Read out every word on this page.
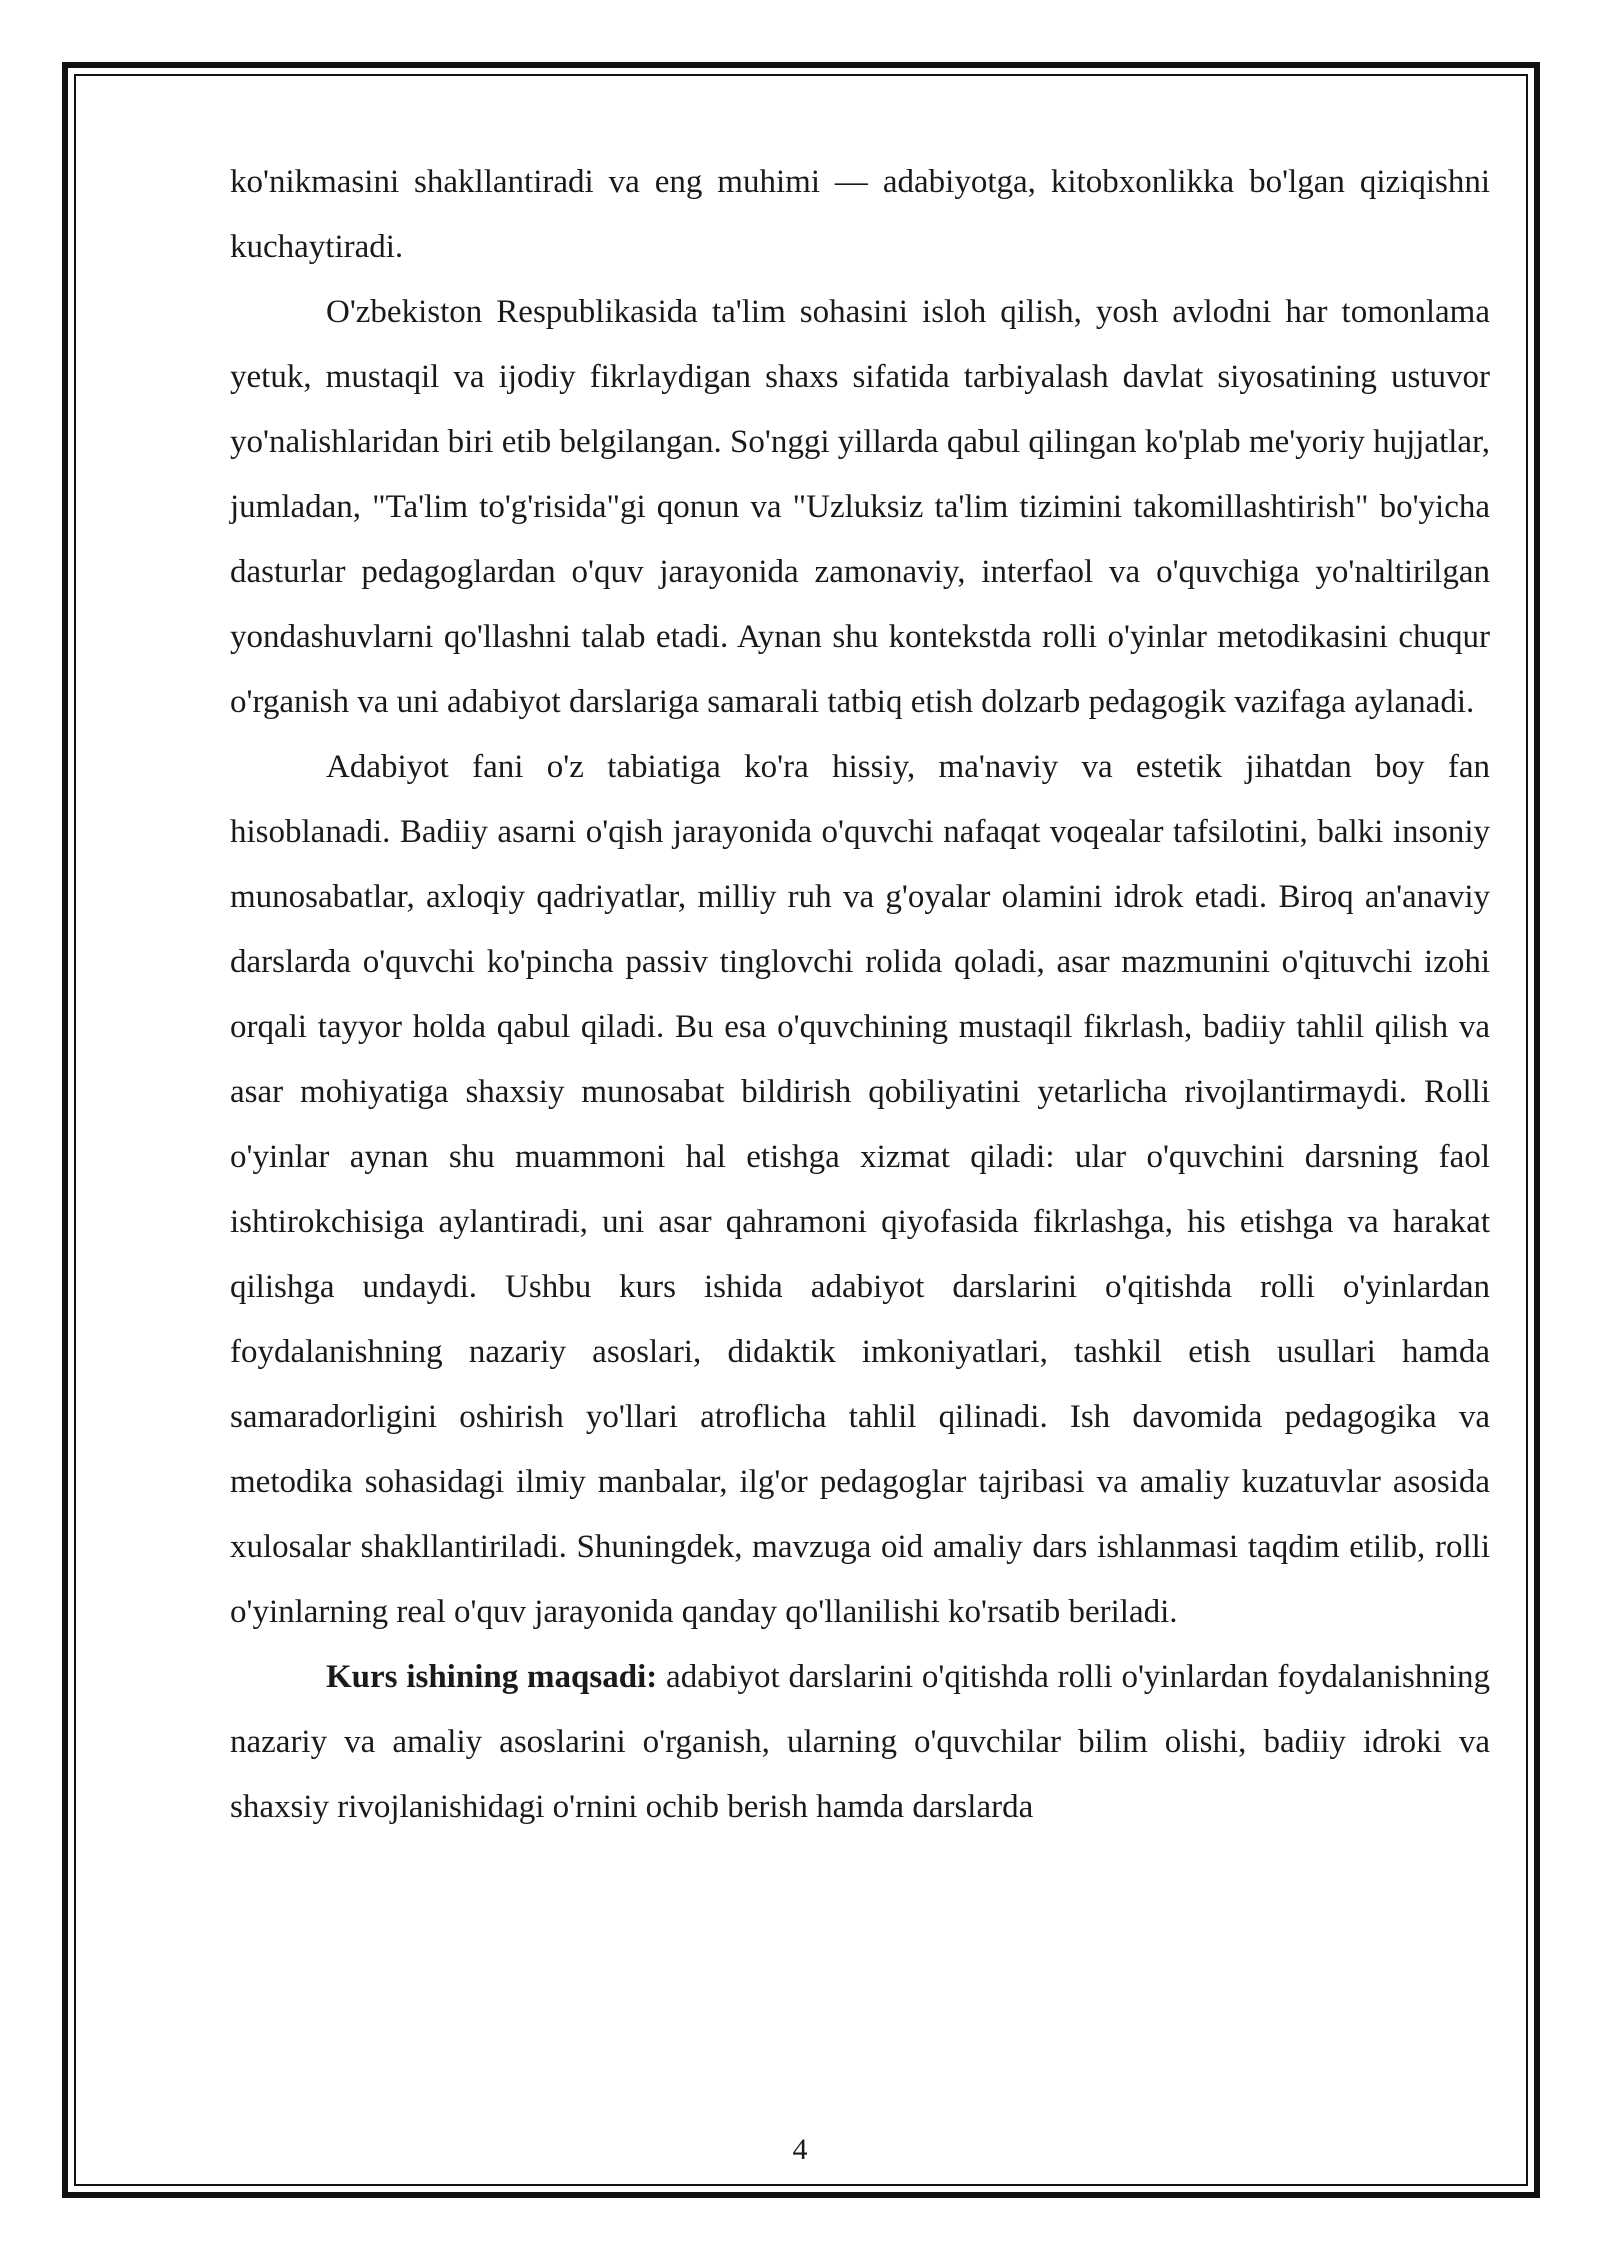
ko'nikmasini shakllantiradi va eng muhimi — adabiyotga, kitobxonlikka bo'lgan qiziqishni kuchaytiradi.

O'zbekiston Respublikasida ta'lim sohasini isloh qilish, yosh avlodni har tomonlama yetuk, mustaqil va ijodiy fikrlaydigan shaxs sifatida tarbiyalash davlat siyosatining ustuvor yo'nalishlaridan biri etib belgilangan. So'nggi yillarda qabul qilingan ko'plab me'yoriy hujjatlar, jumladan, "Ta'lim to'g'risida"gi qonun va "Uzluksiz ta'lim tizimini takomillashtirish" bo'yicha dasturlar pedagoglardan o'quv jarayonida zamonaviy, interfaol va o'quvchiga yo'naltirilgan yondashuvlarni qo'llashni talab etadi. Aynan shu kontekstda rolli o'yinlar metodikasini chuqur o'rganish va uni adabiyot darslariga samarali tatbiq etish dolzarb pedagogik vazifaga aylanadi.

Adabiyot fani o'z tabiatiga ko'ra hissiy, ma'naviy va estetik jihatdan boy fan hisoblanadi. Badiiy asarni o'qish jarayonida o'quvchi nafaqat voqealar tafsilotini, balki insoniy munosabatlar, axloqiy qadriyatlar, milliy ruh va g'oyalar olamini idrok etadi. Biroq an'anaviy darslarda o'quvchi ko'pincha passiv tinglovchi rolida qoladi, asar mazmunini o'qituvchi izohi orqali tayyor holda qabul qiladi. Bu esa o'quvchining mustaqil fikrlash, badiiy tahlil qilish va asar mohiyatiga shaxsiy munosabat bildirish qobiliyatini yetarlicha rivojlantirmaydi. Rolli o'yinlar aynan shu muammoni hal etishga xizmat qiladi: ular o'quvchini darsning faol ishtirokchisiga aylantiradi, uni asar qahramoni qiyofasida fikrlashga, his etishga va harakat qilishga undaydi. Ushbu kurs ishida adabiyot darslarini o'qitishda rolli o'yinlardan foydalanishning nazariy asoslari, didaktik imkoniyatlari, tashkil etish usullari hamda samaradorligini oshirish yo'llari atroflicha tahlil qilinadi. Ish davomida pedagogika va metodika sohasidagi ilmiy manbalar, ilg'or pedagoglar tajribasi va amaliy kuzatuvlar asosida xulosalar shakllantiriladi. Shuningdek, mavzuga oid amaliy dars ishlanmasi taqdim etilib, rolli o'yinlarning real o'quv jarayonida qanday qo'llanilishi ko'rsatib beriladi.

Kurs ishining maqsadi: adabiyot darslarini o'qitishda rolli o'yinlardan foydalanishning nazariy va amaliy asoslarini o'rganish, ularning o'quvchilar bilim olishi, badiiy idroki va shaxsiy rivojlanishidagi o'rnini ochib berish hamda darslarda

4
